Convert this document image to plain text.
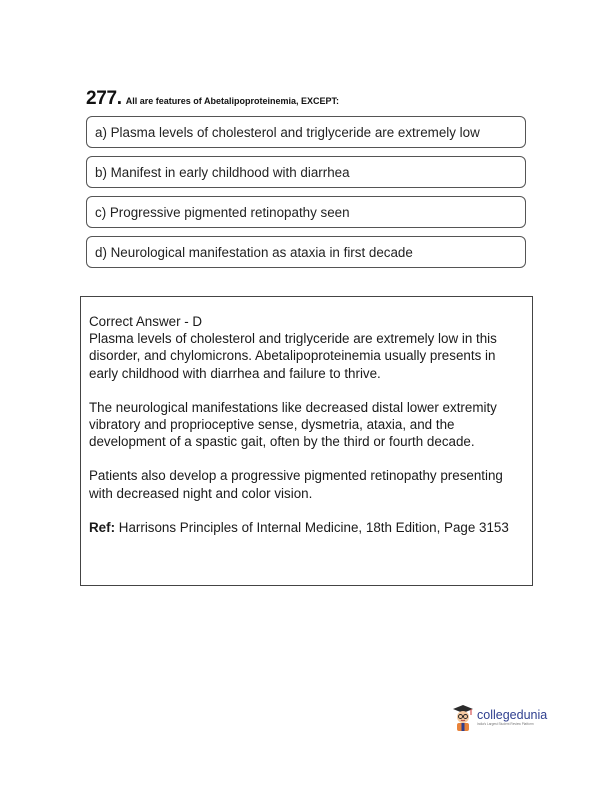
277. All are features of Abetalipoproteinemia, EXCEPT:
a) Plasma levels of cholesterol and triglyceride are extremely low
b) Manifest in early childhood with diarrhea
c) Progressive pigmented retinopathy seen
d) Neurological manifestation as ataxia in first decade
Correct Answer - D

Plasma levels of cholesterol and triglyceride are extremely low in this disorder, and chylomicrons. Abetalipoproteinemia usually presents in early childhood with diarrhea and failure to thrive.

The neurological manifestations like decreased distal lower extremity vibratory and proprioceptive sense, dysmetria, ataxia, and the development of a spastic gait, often by the third or fourth decade.

Patients also develop a progressive pigmented retinopathy presenting with decreased night and color vision.

Ref: Harrisons Principles of Internal Medicine, 18th Edition, Page 3153

collegedunia
India's Largest Student Review Platform
